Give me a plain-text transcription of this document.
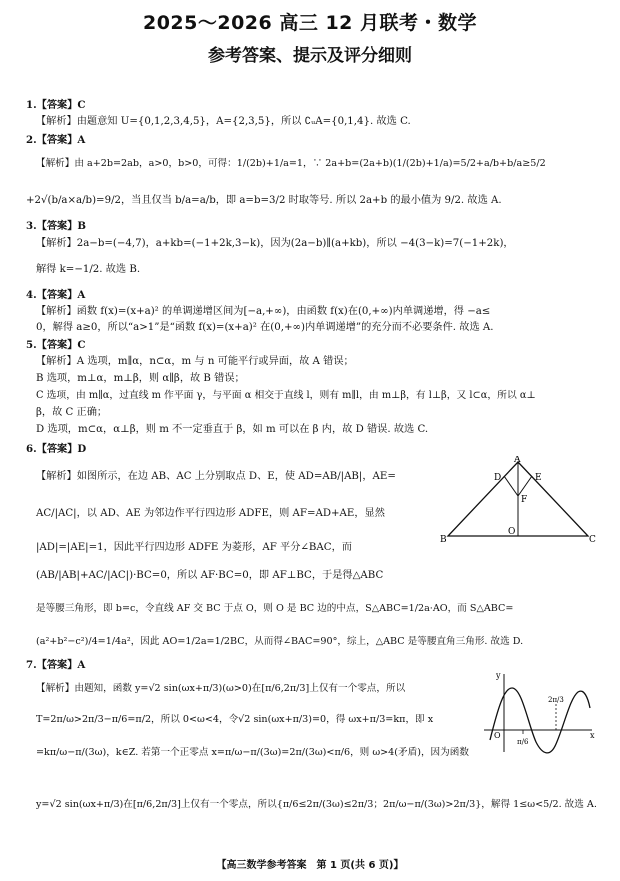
2025～2026 高三 12 月联考・数学
参考答案、提示及评分细则
1.【答案】C
【解析】由题意知 U={0,1,2,3,4,5}，A={2,3,5}，所以 ∁ᵤA={0,1,4}. 故选 C.
2.【答案】A
【解析】由 a+2b=2ab，a>0，b>0，可得：1/(2b)+1/a=1，∵ 2a+b=(2a+b)(1/(2b)+1/a)=5/2+a/b+b/a≥5/2
+2√(b/a×a/b)=9/2，当且仅当 b/a=a/b，即 a=b=3/2 时取等号. 所以 2a+b 的最小值为 9/2. 故选 A.
3.【答案】B
【解析】2a−b=(−4,7)，a+kb=(−1+2k,3−k)，因为(2a−b)∥(a+kb)，所以 −4(3−k)=7(−1+2k)，
解得 k=−1/2. 故选 B.
4.【答案】A
【解析】函数 f(x)=(x+a)² 的单调递增区间为[−a,+∞)，由函数 f(x)在(0,+∞)内单调递增，得 −a≤
0，解得 a≥0，所以“a>1”是“函数 f(x)=(x+a)² 在(0,+∞)内单调递增”的充分而不必要条件. 故选 A.
5.【答案】C
【解析】A 选项，m∥α，n⊂α，m 与 n 可能平行或异面，故 A 错误；
B 选项，m⊥α，m⊥β，则 α∥β，故 B 错误；
C 选项，由 m∥α，过直线 m 作平面 γ，与平面 α 相交于直线 l，则有 m∥l，由 m⊥β，有 l⊥β，又 l⊂α，所以 α⊥
β，故 C 正确；
D 选项，m⊂α，α⊥β，则 m 不一定垂直于 β，如 m 可以在 β 内，故 D 错误. 故选 C.
6.【答案】D
【解析】如图所示，在边 AB、AC 上分别取点 D、E，使 AD=AB/|AB|，AE=
AC/|AC|，以 AD、AE 为邻边作平行四边形 ADFE，则 AF=AD+AE，显然
|AD|=|AE|=1，因此平行四边形 ADFE 为菱形，AF 平分∠BAC，而
(AB/|AB|+AC/|AC|)·BC=0，所以 AF·BC=0，即 AF⊥BC，于是得△ABC
是等腰三角形，即 b=c，令直线 AF 交 BC 于点 O，则 O 是 BC 边的中点，S△ABC=1/2a·AO，而 S△ABC=
(a²+b²−c²)/4=1/4a²，因此 AO=1/2a=1/2BC，从而得∠BAC=90°，综上，△ABC 是等腰直角三角形. 故选 D.
A
D	E
F
B
O
C
7.【答案】A
【解析】由题知，函数 y=√2 sin(ωx+π/3)(ω>0)在[π/6,2π/3]上仅有一个零点，所以
T=2π/ω>2π/3−π/6=π/2，所以 0<ω<4，令√2 sin(ωx+π/3)=0，得 ωx+π/3=kπ，即 x
=kπ/ω−π/(3ω)，k∈Z. 若第一个正零点 x=π/ω−π/(3ω)=2π/(3ω)<π/6，则 ω>4(矛盾)，因为函数
y=√2 sin(ωx+π/3)在[π/6,2π/3]上仅有一个零点，所以{π/6≤2π/(3ω)≤2π/3；2π/ω−π/(3ω)>2π/3}，解得 1≤ω<5/2. 故选 A.
y
O
π/6
2π/3
x
【高三数学参考答案　第 1 页(共 6 页)】
